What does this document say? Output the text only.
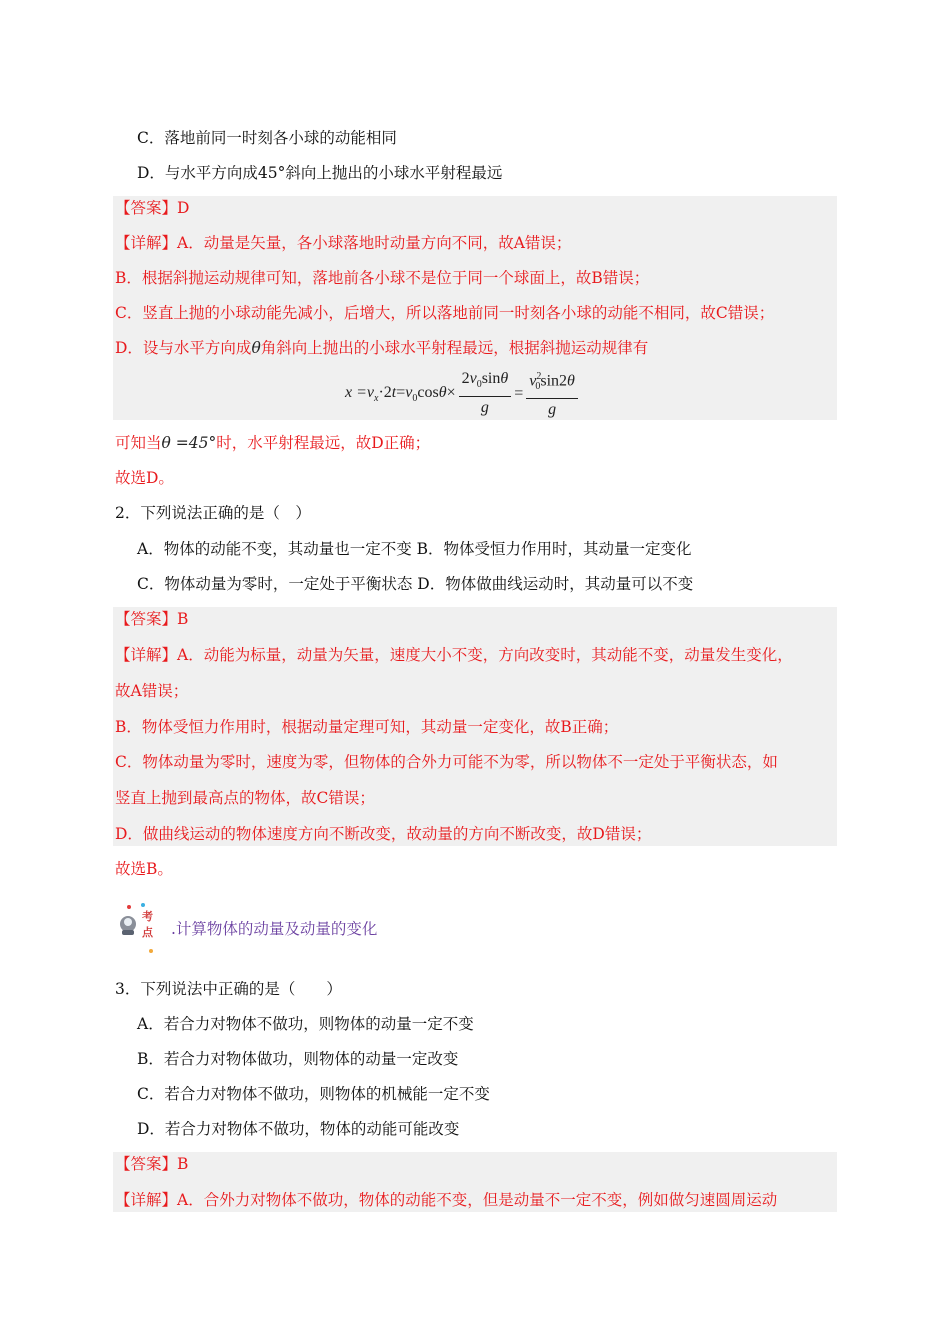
C．落地前同一时刻各小球的动能相同
D．与水平方向成45°斜向上抛出的小球水平射程最远
【答案】D
【详解】A．动量是矢量，各小球落地时动量方向不同，故A错误；
B．根据斜抛运动规律可知，落地前各小球不是位于同一个球面上，故B错误；
C．竖直上抛的小球动能先减小，后增大，所以落地前同一时刻各小球的动能不相同，故C错误；
D．设与水平方向成θ角斜向上抛出的小球水平射程最远，根据斜抛运动规律有
$x =v_x\cdot 2t=v_0\cos\theta\times \frac{2v_0\sin\theta}{g} = \frac{v^2_0\sin 2\theta}{g}$
可知当θ =45°时，水平射程最远，故D正确；
故选D。
2．下列说法正确的是（　）
A．物体的动能不变，其动量也一定不变 B．物体受恒力作用时，其动量一定变化
C．物体动量为零时，一定处于平衡状态 D．物体做曲线运动时，其动量可以不变
【答案】B
【详解】A．动能为标量，动量为矢量，速度大小不变，方向改变时，其动能不变，动量发生变化，
故A错误；
B．物体受恒力作用时，根据动量定理可知，其动量一定变化，故B正确；
C．物体动量为零时，速度为零，但物体的合外力可能不为零，所以物体不一定处于平衡状态，如
竖直上抛到最高点的物体，故C错误；
D．做曲线运动的物体速度方向不断改变，故动量的方向不断改变，故D错误；
故选B。
考
点 .计算物体的动量及动量的变化
3．下列说法中正确的是（　　）
A．若合力对物体不做功，则物体的动量一定不变
B．若合力对物体做功，则物体的动量一定改变
C．若合力对物体不做功，则物体的机械能一定不变
D．若合力对物体不做功，物体的动能可能改变
【答案】B
【详解】A．合外力对物体不做功，物体的动能不变，但是动量不一定不变，例如做匀速圆周运动
